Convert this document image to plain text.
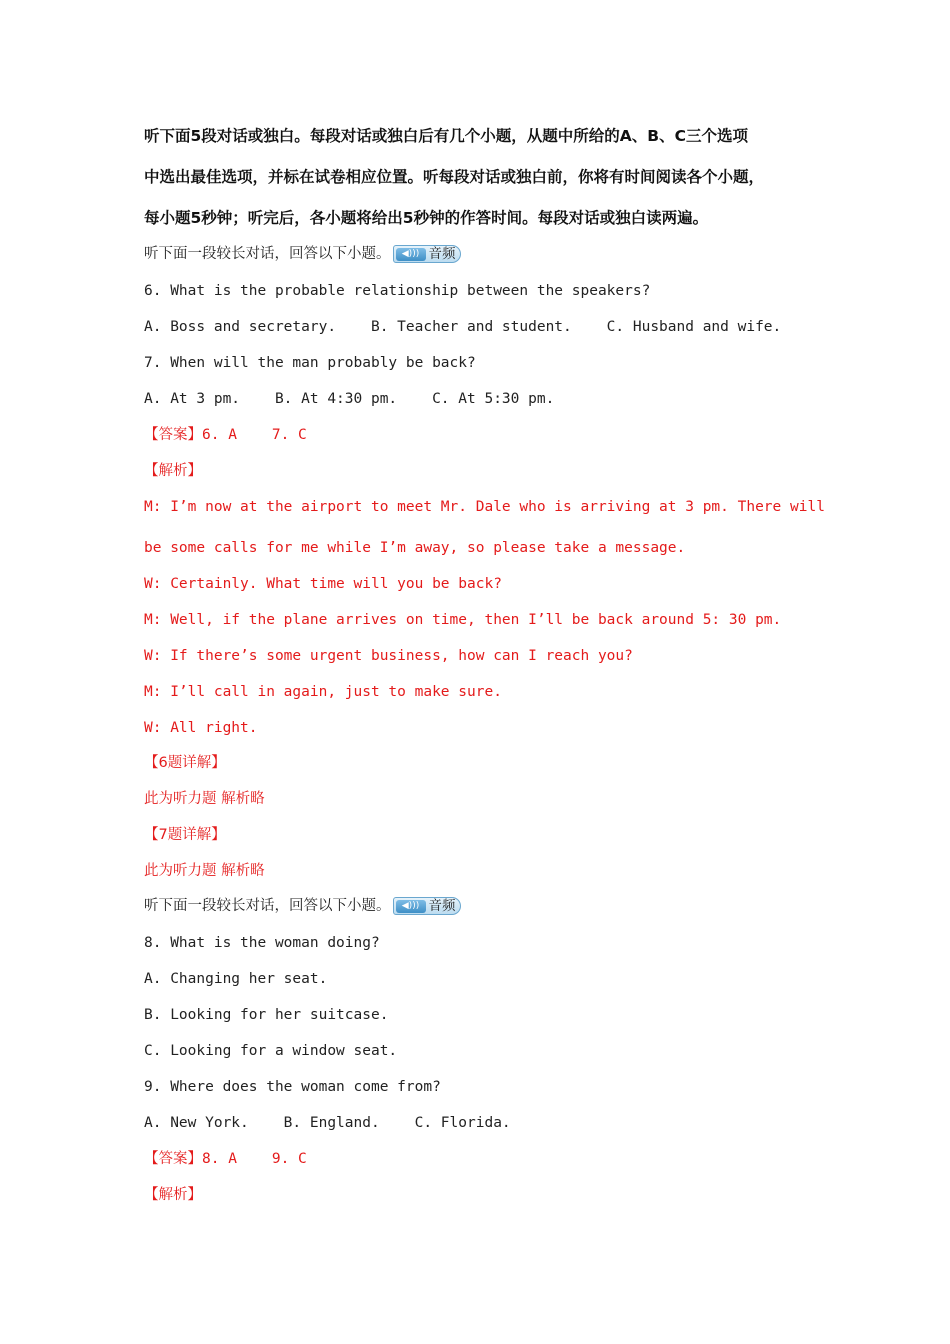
听下面5段对话或独白。每段对话或独白后有几个小题，从题中所给的A、B、C三个选项
中选出最佳选项，并标在试卷相应位置。听每段对话或独白前，你将有时间阅读各个小题，
每小题5秒钟；听完后，各小题将给出5秒钟的作答时间。每段对话或独白读两遍。
听下面一段较长对话，回答以下小题。	◀))) 音频
6. What is the probable relationship between the speakers?
A. Boss and secretary.    B. Teacher and student.    C. Husband and wife.
7. When will the man probably be back?
A. At 3 pm.    B. At 4:30 pm.    C. At 5:30 pm.
【答案】6. A    7. C
【解析】
M: I’m now at the airport to meet Mr. Dale who is arriving at 3 pm. There will
be some calls for me while I’m away, so please take a message.
W: Certainly. What time will you be back?
M: Well, if the plane arrives on time, then I’ll be back around 5: 30 pm.
W: If there’s some urgent business, how can I reach you?
M: I’ll call in again, just to make sure.
W: All right.
【6题详解】
此为听力题 解析略
【7题详解】
此为听力题 解析略
听下面一段较长对话，回答以下小题。	◀))) 音频
8. What is the woman doing?
A. Changing her seat.
B. Looking for her suitcase.
C. Looking for a window seat.
9. Where does the woman come from?
A. New York.    B. England.    C. Florida.
【答案】8. A    9. C
【解析】
